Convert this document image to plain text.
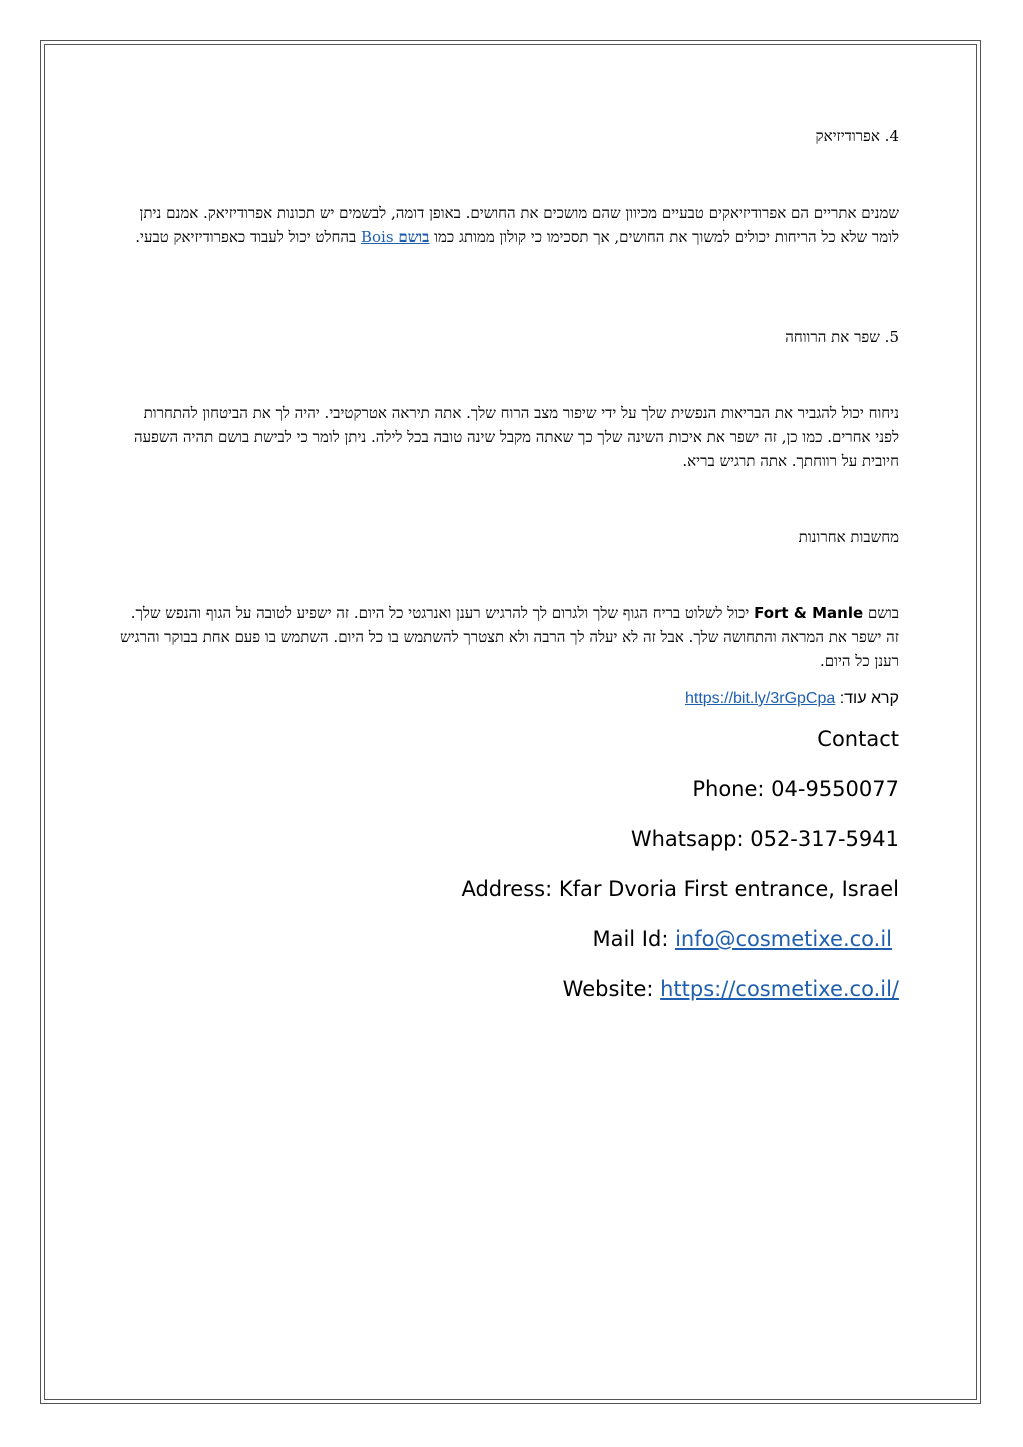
4. אפרודיזיאק

שמנים אתריים הם אפרודיזיאקים טבעיים מכיוון שהם מושכים את החושים. באופן דומה, לבשמים יש תכונות אפרודיזיאק. אמנם ניתן לומר שלא כל הריחות יכולים למשוך את החושים, אך תסכימו כי קולון ממותג כמו בושם Bois בהחלט יכול לעבוד כאפרודיזיאק טבעי.

5. שפר את הרווחה

ניחוח יכול להגביר את הבריאות הנפשית שלך על ידי שיפור מצב הרוח שלך. אתה תיראה אטרקטיבי. יהיה לך את הביטחון להתחרות לפני אחרים. כמו כן, זה ישפר את איכות השינה שלך כך שאתה מקבל שינה טובה בכל לילה. ניתן לומר כי לבישת בושם תהיה השפעה חיובית על רווחתך. אתה תרגיש בריא.

מחשבות אחרונות

בושם Fort & Manle יכול לשלוט בריח הגוף שלך ולגרום לך להרגיש רענן ואנרגטי כל היום. זה ישפיע לטובה על הגוף והנפש שלך. זה ישפר את המראה והתחושה שלך. אבל זה לא יעלה לך הרבה ולא תצטרך להשתמש בו כל היום. השתמש בו פעם אחת בבוקר והרגיש רענן כל היום.

קרא עוד: https://bit.ly/3rGpCpa
Contact
Phone: 04-9550077
Whatsapp: 052-317-5941
Address: Kfar Dvoria First entrance, Israel
Mail Id: info@cosmetixe.co.il
Website: https://cosmetixe.co.il/
